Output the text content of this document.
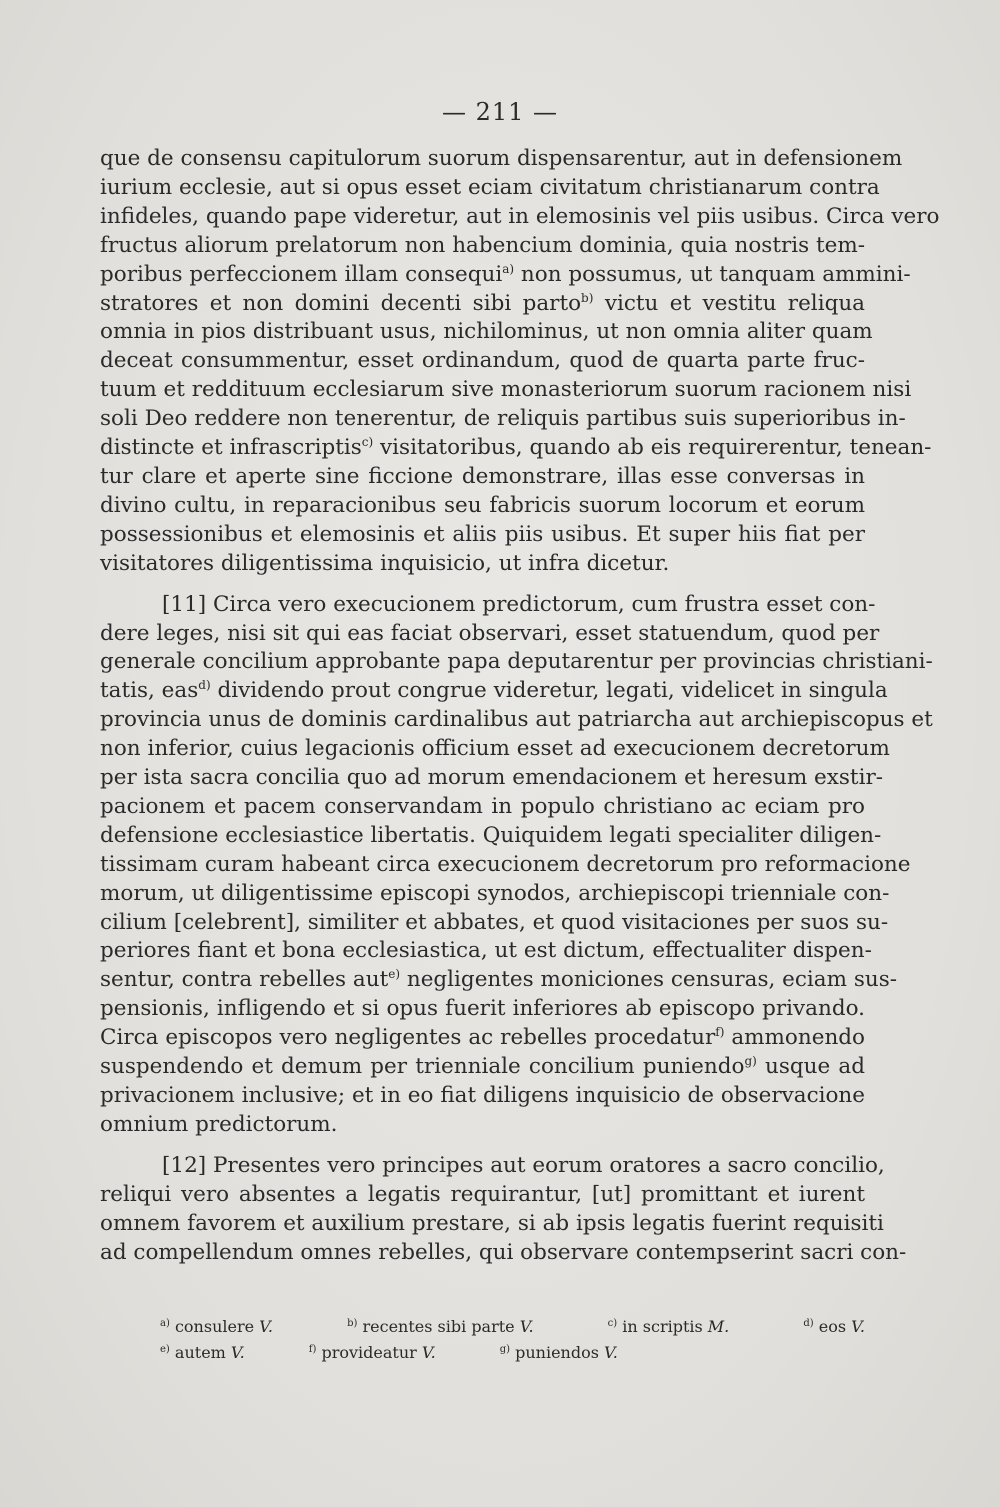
— 211 —
que de consensu capitulorum suorum dispensarentur, aut in defensionem
iurium ecclesie, aut si opus esset eciam civitatum christianarum contra
infideles, quando pape videretur, aut in elemosinis vel piis usibus. Circa vero
fructus aliorum prelatorum non habencium dominia, quia nostris tem-
poribus perfeccionem illam consequi$^{a)}$ non possumus, ut tanquam ammini-
stratores et non domini decenti sibi parto$^{b)}$ victu et vestitu reliqua
omnia in pios distribuant usus, nichilominus, ut non omnia aliter quam
deceat consummentur, esset ordinandum, quod de quarta parte fruc-
tuum et reddituum ecclesiarum sive monasteriorum suorum racionem nisi
soli Deo reddere non tenerentur, de reliquis partibus suis superioribus in-
distincte et infrascriptis$^{c)}$ visitatoribus, quando ab eis requirerentur, tenean-
tur clare et aperte sine ficcione demonstrare, illas esse conversas in
divino cultu, in reparacionibus seu fabricis suorum locorum et eorum
possessionibus et elemosinis et aliis piis usibus. Et super hiis fiat per
visitatores diligentissima inquisicio, ut infra dicetur.
[11] Circa vero execucionem predictorum, cum frustra esset con-
dere leges, nisi sit qui eas faciat observari, esset statuendum, quod per
generale concilium approbante papa deputarentur per provincias christiani-
tatis, eas$^{d)}$ dividendo prout congrue videretur, legati, videlicet in singula
provincia unus de dominis cardinalibus aut patriarcha aut archiepiscopus et
non inferior, cuius legacionis officium esset ad execucionem decretorum
per ista sacra concilia quo ad morum emendacionem et heresum exstir-
pacionem et pacem conservandam in populo christiano ac eciam pro
defensione ecclesiastice libertatis. Quiquidem legati specialiter diligen-
tissimam curam habeant circa execucionem decretorum pro reformacione
morum, ut diligentissime episcopi synodos, archiepiscopi trienniale con-
cilium [celebrent], similiter et abbates, et quod visitaciones per suos su-
periores fiant et bona ecclesiastica, ut est dictum, effectualiter dispen-
sentur, contra rebelles aut$^{e)}$ negligentes moniciones censuras, eciam sus-
pensionis, infligendo et si opus fuerit inferiores ab episcopo privando.
Circa episcopos vero negligentes ac rebelles procedatur$^{f)}$ ammonendo
suspendendo et demum per trienniale concilium puniendo$^{g)}$ usque ad
privacionem inclusive; et in eo fiat diligens inquisicio de observacione
omnium predictorum.
[12] Presentes vero principes aut eorum oratores a sacro concilio,
reliqui vero absentes a legatis requirantur, [ut] promittant et iurent
omnem favorem et auxilium prestare, si ab ipsis legatis fuerint requisiti
ad compellendum omnes rebelles, qui observare contempserint sacri con-
$^{a)}$ consulere V.	$^{b)}$ recentes sibi parte V.	$^{c)}$ in scriptis M.	$^{d)}$ eos V.
$^{e)}$ autem V.	$^{f)}$ provideatur V.	$^{g)}$ puniendos V.
